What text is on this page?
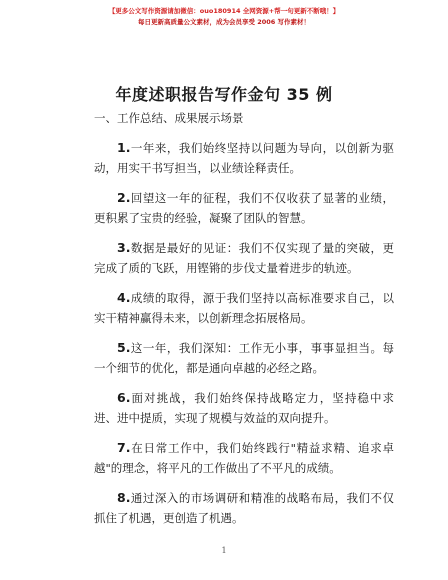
【更多公文写作资源请加微信：ouo180914 全网资源+帮一句更新不断哦！】
每日更新高质量公文素材，成为会员享受 2006 写作素材！
年度述职报告写作金句 35 例
一、工作总结、成果展示场景

1.一年来，我们始终坚持以问题为导向，以创新为驱动，用实干书写担当，以业绩诠释责任。

2.回望这一年的征程，我们不仅收获了显著的业绩，更积累了宝贵的经验，凝聚了团队的智慧。

3.数据是最好的见证：我们不仅实现了量的突破，更完成了质的飞跃，用铿锵的步伐丈量着进步的轨迹。

4.成绩的取得，源于我们坚持以高标准要求自己，以实干精神赢得未来，以创新理念拓展格局。

5.这一年，我们深知：工作无小事，事事显担当。每一个细节的优化，都是通向卓越的必经之路。

6.面对挑战，我们始终保持战略定力，坚持稳中求进、进中提质，实现了规模与效益的双向提升。

7.在日常工作中，我们始终践行"精益求精、追求卓越"的理念，将平凡的工作做出了不平凡的成绩。

8.通过深入的市场调研和精准的战略布局，我们不仅抓住了机遇，更创造了机遇。

1
